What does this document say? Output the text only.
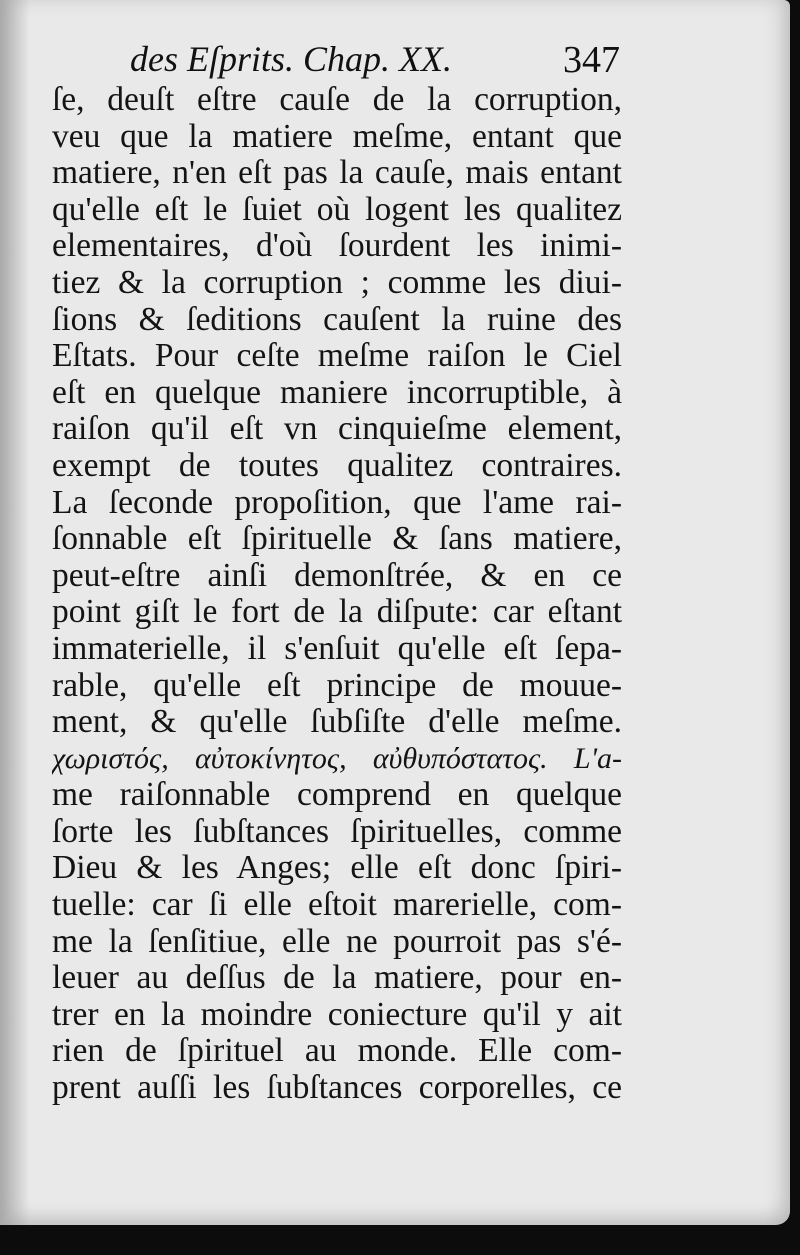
des Eſprits. Chap. XX.	347
ſe, deuſt eſtre cauſe de la corruption,
veu que la matiere meſme, entant que
matiere, n'en eſt pas la cauſe, mais entant
qu'elle eſt le ſuiet où logent les qualitez
elementaires, d'où ſourdent les inimi-
tiez & la corruption ; comme les diui-
ſions & ſeditions cauſent la ruine des
Eſtats. Pour ceſte meſme raiſon le Ciel
eſt en quelque maniere incorruptible, à
raiſon qu'il eſt vn cinquieſme element,
exempt de toutes qualitez contraires.
La ſeconde propoſition, que l'ame rai-
ſonnable eſt ſpirituelle & ſans matiere,
peut-eſtre ainſi demonſtrée, & en ce
point giſt le fort de la diſpute: car eſtant
immaterielle, il s'enſuit qu'elle eſt ſepa-
rable, qu'elle eſt principe de mouue-
ment, & qu'elle ſubſiſte d'elle meſme.
χωριστός, αὐτοκίνητος, αὐθυπόστατος. L'a-
me raiſonnable comprend en quelque
ſorte les ſubſtances ſpirituelles, comme
Dieu & les Anges; elle eſt donc ſpiri-
tuelle: car ſi elle eſtoit marerielle, com-
me la ſenſitiue, elle ne pourroit pas s'é-
leuer au deſſus de la matiere, pour en-
trer en la moindre coniecture qu'il y ait
rien de ſpirituel au monde. Elle com-
prent auſſi les ſubſtances corporelles, ce
